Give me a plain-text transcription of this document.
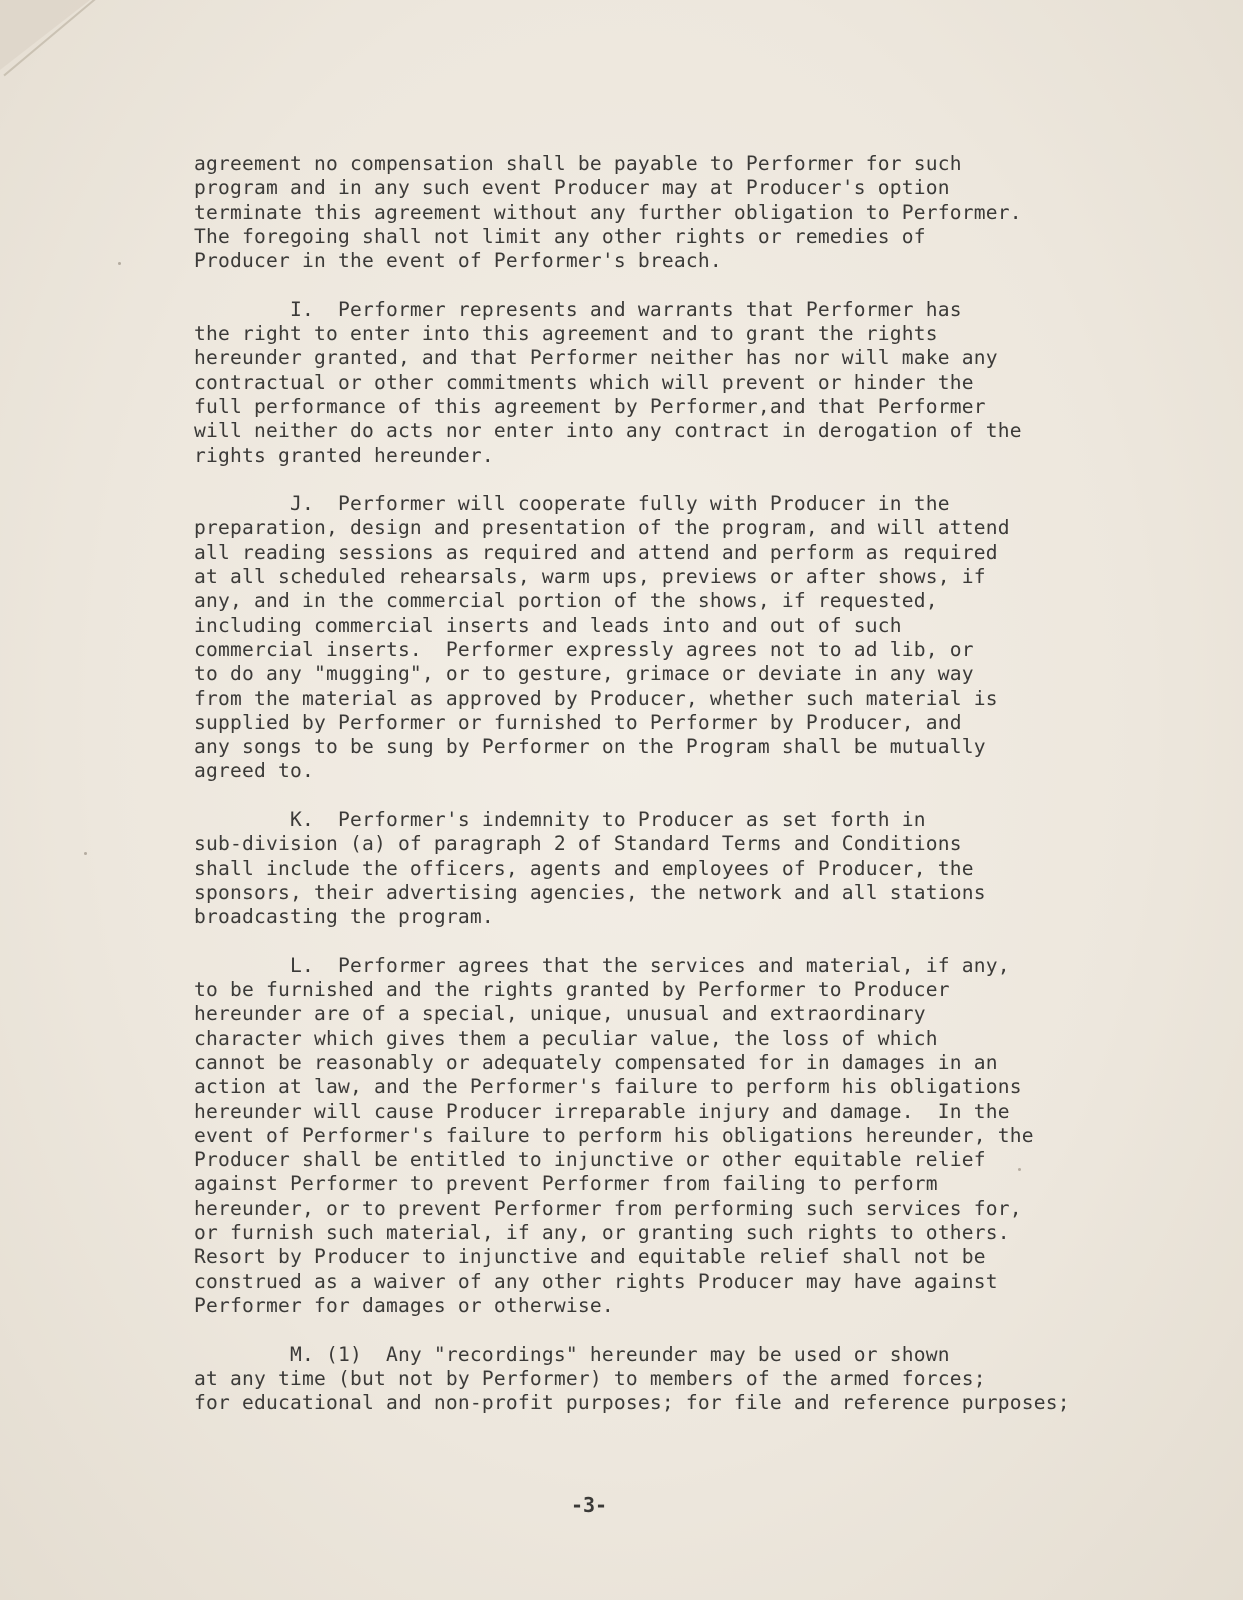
agreement no compensation shall be payable to Performer for such
program and in any such event Producer may at Producer's option
terminate this agreement without any further obligation to Performer.
The foregoing shall not limit any other rights or remedies of
Producer in the event of Performer's breach.
I.  Performer represents and warrants that Performer has
the right to enter into this agreement and to grant the rights
hereunder granted, and that Performer neither has nor will make any
contractual or other commitments which will prevent or hinder the
full performance of this agreement by Performer,and that Performer
will neither do acts nor enter into any contract in derogation of the
rights granted hereunder.
J.  Performer will cooperate fully with Producer in the
preparation, design and presentation of the program, and will attend
all reading sessions as required and attend and perform as required
at all scheduled rehearsals, warm ups, previews or after shows, if
any, and in the commercial portion of the shows, if requested,
including commercial inserts and leads into and out of such
commercial inserts.  Performer expressly agrees not to ad lib, or
to do any "mugging", or to gesture, grimace or deviate in any way
from the material as approved by Producer, whether such material is
supplied by Performer or furnished to Performer by Producer, and
any songs to be sung by Performer on the Program shall be mutually
agreed to.
K.  Performer's indemnity to Producer as set forth in
sub-division (a) of paragraph 2 of Standard Terms and Conditions
shall include the officers, agents and employees of Producer, the
sponsors, their advertising agencies, the network and all stations
broadcasting the program.
L.  Performer agrees that the services and material, if any,
to be furnished and the rights granted by Performer to Producer
hereunder are of a special, unique, unusual and extraordinary
character which gives them a peculiar value, the loss of which
cannot be reasonably or adequately compensated for in damages in an
action at law, and the Performer's failure to perform his obligations
hereunder will cause Producer irreparable injury and damage.  In the
event of Performer's failure to perform his obligations hereunder, the
Producer shall be entitled to injunctive or other equitable relief
against Performer to prevent Performer from failing to perform
hereunder, or to prevent Performer from performing such services for,
or furnish such material, if any, or granting such rights to others.
Resort by Producer to injunctive and equitable relief shall not be
construed as a waiver of any other rights Producer may have against
Performer for damages or otherwise.
M. (1)  Any "recordings" hereunder may be used or shown
at any time (but not by Performer) to members of the armed forces;
for educational and non-profit purposes; for file and reference purposes;
-3-
